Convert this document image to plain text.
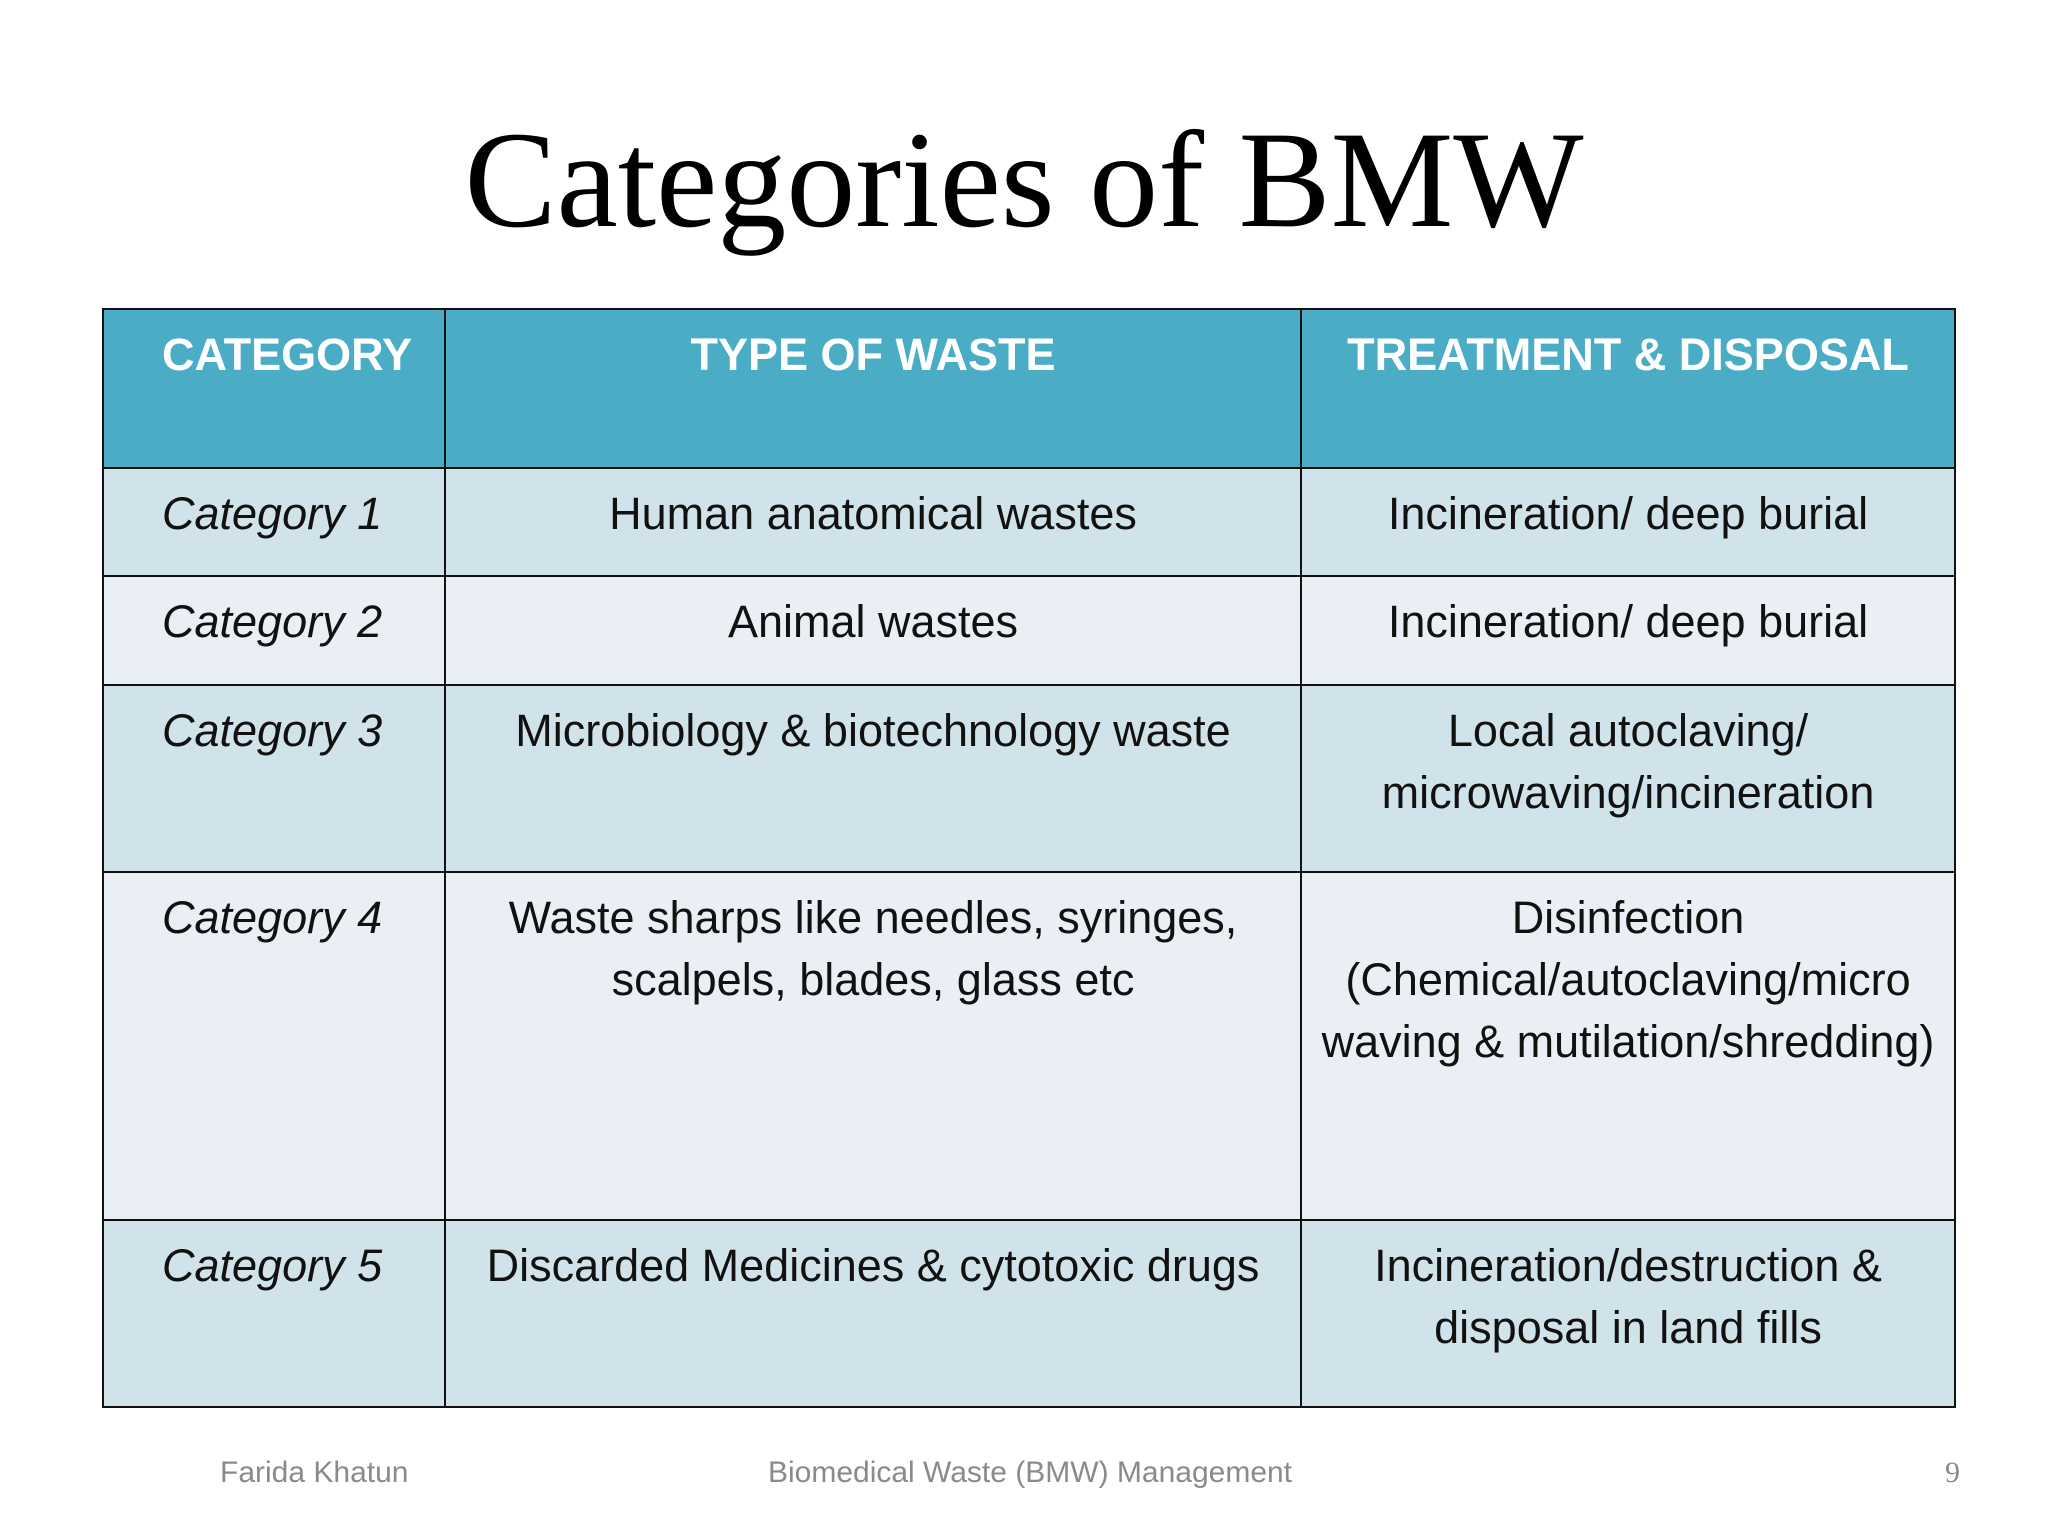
Categories of BMW
CATEGORY	TYPE OF WASTE	TREATMENT & DISPOSAL
Category 1	Human anatomical wastes	Incineration/ deep burial
Category 2	Animal wastes	Incineration/ deep burial
Category 3	Microbiology & biotechnology waste	Local autoclaving/ microwaving/incineration
Category 4	Waste sharps like needles, syringes, scalpels, blades, glass etc	Disinfection (Chemical/autoclaving/micro waving & mutilation/shredding)
Category 5	Discarded Medicines & cytotoxic drugs	Incineration/destruction & disposal in land fills
Farida Khatun	Biomedical Waste (BMW) Management	9
